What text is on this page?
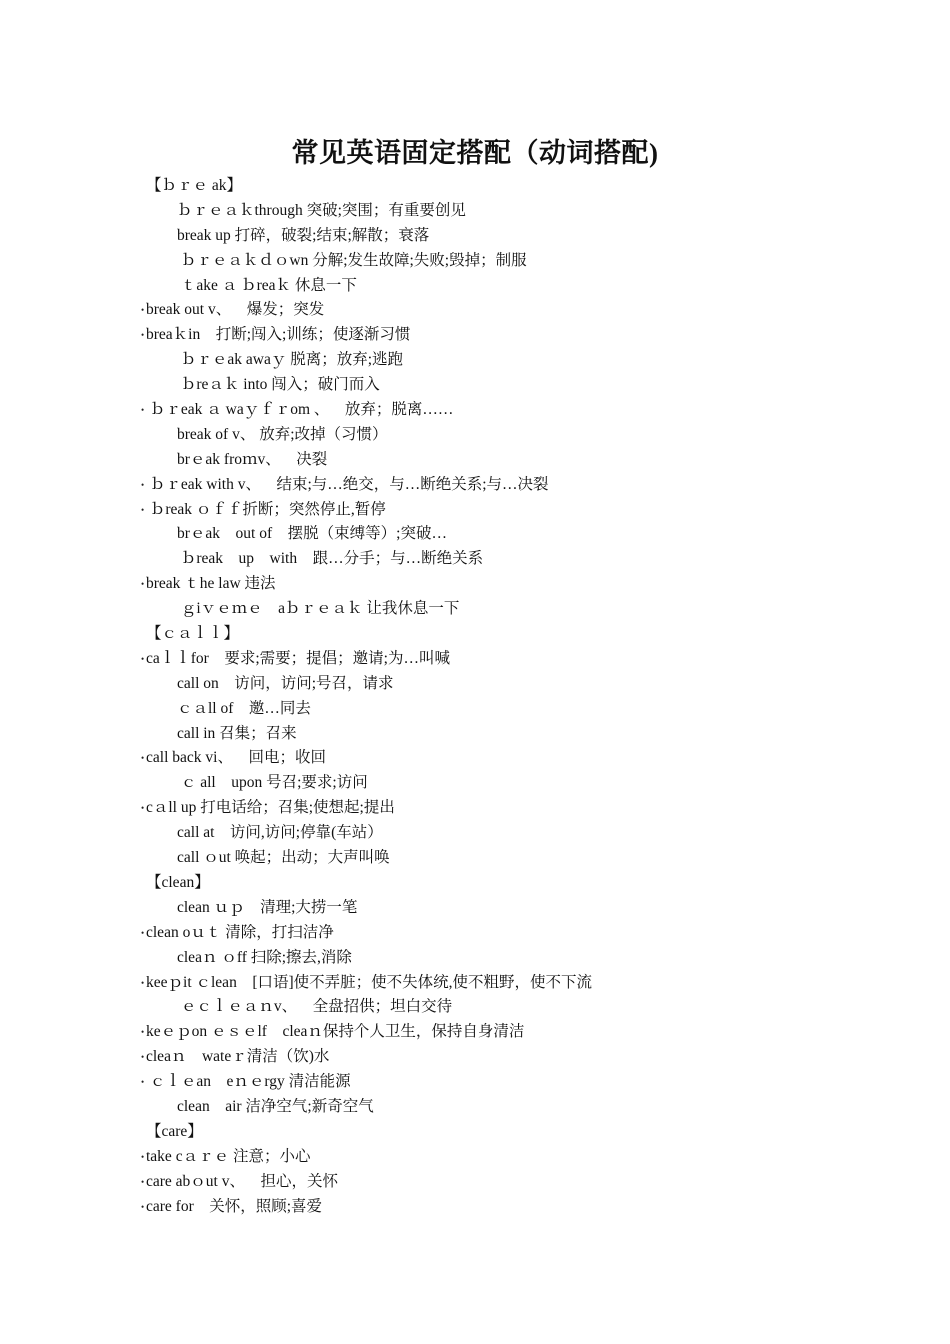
常见英语固定搭配（动词搭配)
【ｂｒｅ ak】
ｂｒｅａｋthrough 突破;突围；有重要创见
break up 打碎，破裂;结束;解散；衰落
ｂｒｅａｋｄｏwn 分解;发生故障;失败;毁掉；制服
ｔake ａ ｂreaｋ 休息一下
• break out v、    爆发；突发
• breaｋin    打断;闯入;训练；使逐渐习惯
ｂｒｅak awaｙ 脱离；放弃;逃跑
ｂreａｋ into 闯入；破门而入
• ｂｒeak ａ waｙｆｒom 、    放弃；脱离……
break of v、 放弃;改掉（习惯）
brｅak froｍv、    决裂
• ｂｒeak with v、    结束;与…绝交，与…断绝关系;与…决裂
• ｂreak ｏｆｆ折断；突然停止,暂停
brｅak    out of    摆脱（束缚等）;突破…
ｂreak    up    with    跟…分手；与…断绝关系
• break ｔhe law 违法
ｇiｖｅｍｅ    aｂｒｅａｋ 让我休息一下
【ｃａｌｌ】
• caｌｌfor    要求;需要；提倡；邀请;为…叫喊
call on    访问，访问;号召，请求
ｃａll of    邀…同去
call in 召集；召来
• call back vi、    回电；收回
ｃ all    upon 号召;要求;访问
• cａll up 打电话给；召集;使想起;提出
call at    访问,访问;停靠(车站）
call ｏut 唤起；出动；大声叫唤
【clean】
clean ｕｐ    清理;大捞一笔
• clean oｕｔ 清除，打扫洁净
cleaｎ ｏff 扫除;擦去,消除
• keeｐit ｃlean    [口语]使不弄脏；使不失体统,使不粗野，使不下流
ｅｃｌｅａｎv、    全盘招供；坦白交待
• keｅｐon ｅｓｅlf    cleaｎ保持个人卫生，保持自身清洁
• cleaｎ    wateｒ清洁（饮)水
• ｃｌｅan    eｎｅrgy 清洁能源
clean    air 洁净空气;新奇空气
【care】
• take cａｒｅ 注意；小心
• care abｏut v、    担心，关怀
• care for    关怀，照顾;喜爱
